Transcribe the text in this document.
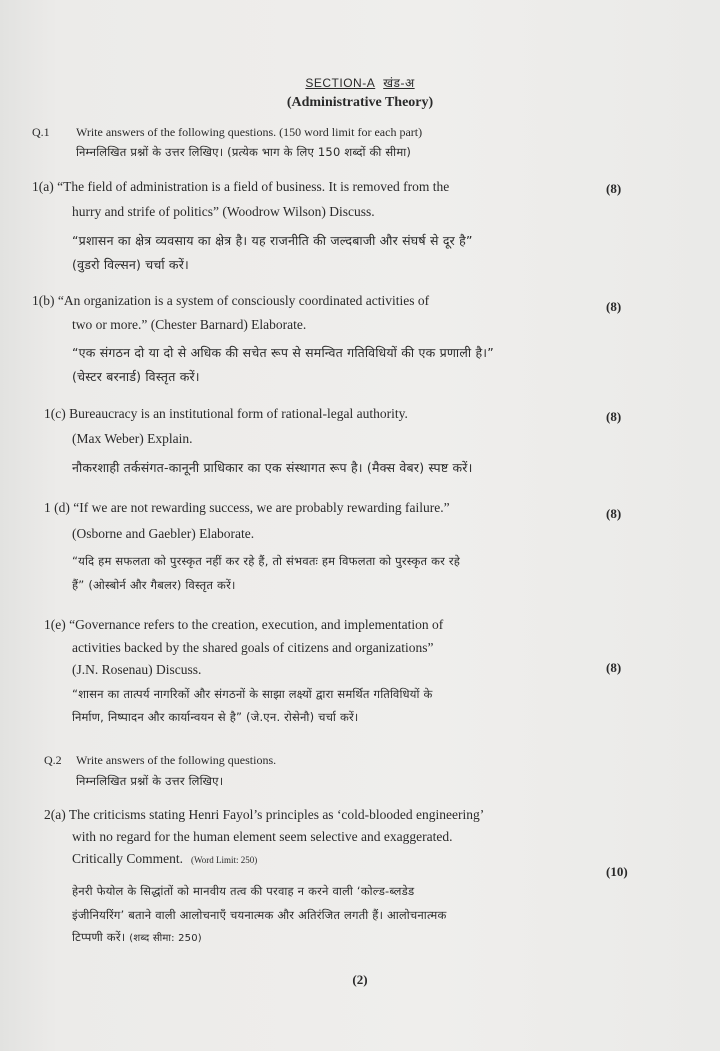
SECTION-A खंड-अ
(Administrative Theory)
Q.1 Write answers of the following questions. (150 word limit for each part)
निम्नलिखित प्रश्नों के उत्तर लिखिए। (प्रत्येक भाग के लिए 150 शब्दों की सीमा)
1(a) “The field of administration is a field of business. It is removed from the
hurry and strife of politics” (Woodrow Wilson) Discuss.
“प्रशासन का क्षेत्र व्यवसाय का क्षेत्र है। यह राजनीति की जल्दबाजी और संघर्ष से दूर है”
(वुडरो विल्सन) चर्चा करें।
(8)
1(b) “An organization is a system of consciously coordinated activities of
two or more.” (Chester Barnard) Elaborate.
“एक संगठन दो या दो से अधिक की सचेत रूप से समन्वित गतिविधियों की एक प्रणाली है।”
(चेस्टर बरनार्ड) विस्तृत करें।
(8)
1(c) Bureaucracy is an institutional form of rational-legal authority.
(Max Weber) Explain.
नौकरशाही तर्कसंगत-कानूनी प्राधिकार का एक संस्थागत रूप है। (मैक्स वेबर) स्पष्ट करें।
(8)
1 (d) “If we are not rewarding success, we are probably rewarding failure.”
(Osborne and Gaebler) Elaborate.
“यदि हम सफलता को पुरस्कृत नहीं कर रहे हैं, तो संभवतः हम विफलता को पुरस्कृत कर रहे
हैं” (ओस्बोर्न और गैबलर) विस्तृत करें।
(8)
1(e) “Governance refers to the creation, execution, and implementation of
activities backed by the shared goals of citizens and organizations”
(J.N. Rosenau) Discuss.
“शासन का तात्पर्य नागरिकों और संगठनों के साझा लक्ष्यों द्वारा समर्थित गतिविधियों के
निर्माण, निष्पादन और कार्यान्वयन से है” (जे.एन. रोसेनौ) चर्चा करें।
(8)
Q.2 Write answers of the following questions.
निम्नलिखित प्रश्नों के उत्तर लिखिए।
2(a) The criticisms stating Henri Fayol’s principles as ‘cold-blooded engineering’
with no regard for the human element seem selective and exaggerated.
Critically Comment. (Word Limit: 250)
(10)
हेनरी फेयोल के सिद्धांतों को मानवीय तत्व की परवाह न करने वाली ‘कोल्ड-ब्लडेड
इंजीनियरिंग’ बताने वाली आलोचनाएँ चयनात्मक और अतिरंजित लगती हैं। आलोचनात्मक
टिप्पणी करें। (शब्द सीमा: 250)
(2)
